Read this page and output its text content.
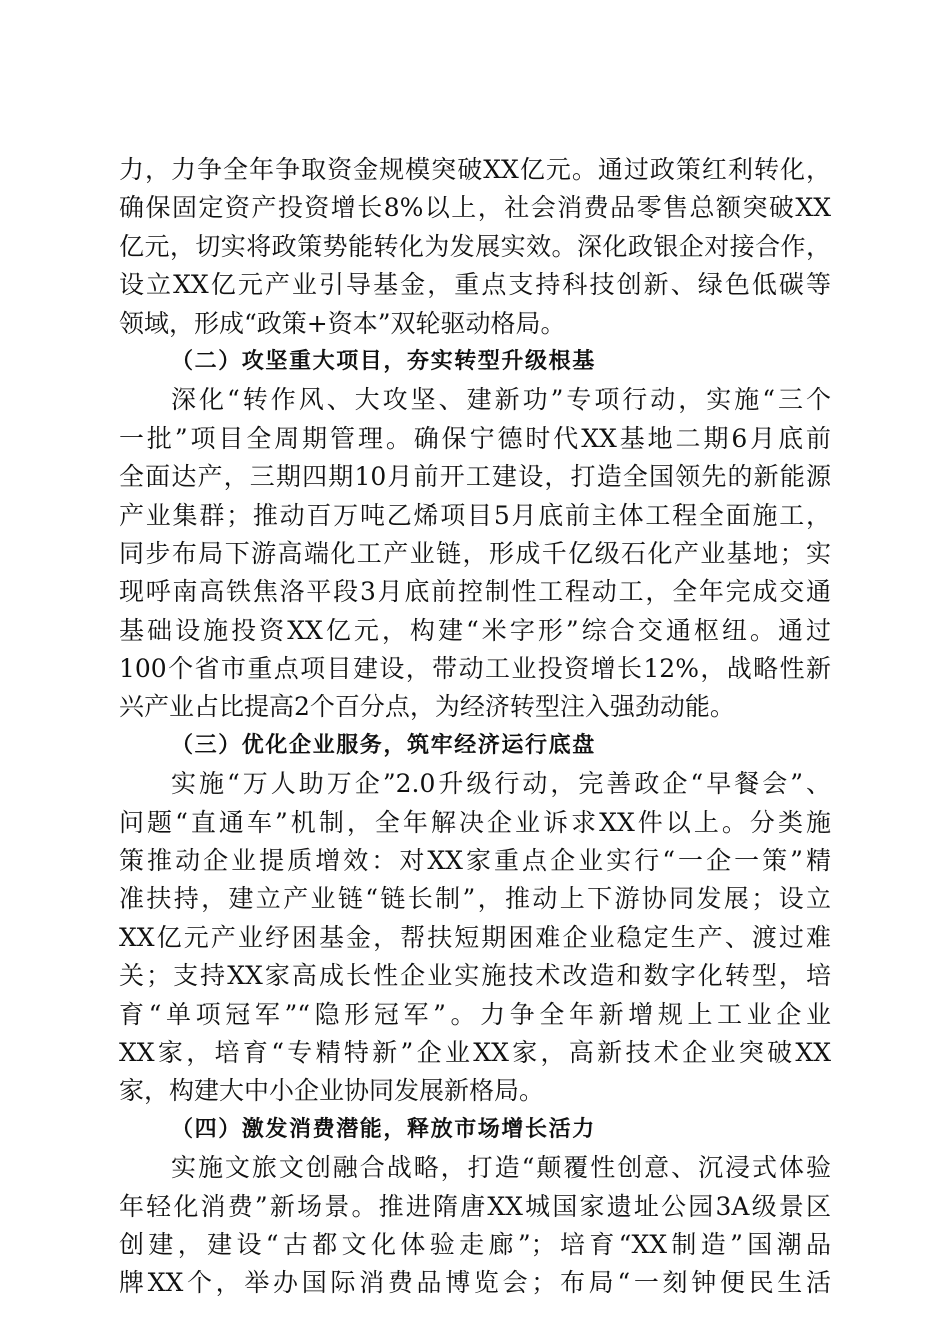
力，力争全年争取资金规模突破XX亿元。通过政策红利转化，
确保固定资产投资增长8%以上，社会消费品零售总额突破XX
亿元，切实将政策势能转化为发展实效。深化政银企对接合作，
设立XX亿元产业引导基金，重点支持科技创新、绿色低碳等
领域，形成“政策+资本”双轮驱动格局。
（二）攻坚重大项目，夯实转型升级根基
深化“转作风、大攻坚、建新功”专项行动，实施“三个
一批”项目全周期管理。确保宁德时代XX基地二期6月底前
全面达产，三期四期10月前开工建设，打造全国领先的新能源
产业集群；推动百万吨乙烯项目5月底前主体工程全面施工，
同步布局下游高端化工产业链，形成千亿级石化产业基地；实
现呼南高铁焦洛平段3月底前控制性工程动工，全年完成交通
基础设施投资XX亿元，构建“米字形”综合交通枢纽。通过
100个省市重点项目建设，带动工业投资增长12%，战略性新
兴产业占比提高2个百分点，为经济转型注入强劲动能。
（三）优化企业服务，筑牢经济运行底盘
实施“万人助万企”2.0升级行动，完善政企“早餐会”、
问题“直通车”机制，全年解决企业诉求XX件以上。分类施
策推动企业提质增效：对XX家重点企业实行“一企一策”精
准扶持，建立产业链“链长制”，推动上下游协同发展；设立
XX亿元产业纾困基金，帮扶短期困难企业稳定生产、渡过难
关；支持XX家高成长性企业实施技术改造和数字化转型，培
育“单项冠军”“隐形冠军”。力争全年新增规上工业企业
XX家，培育“专精特新”企业XX家，高新技术企业突破XX
家，构建大中小企业协同发展新格局。
（四）激发消费潜能，释放市场增长活力
实施文旅文创融合战略，打造“颠覆性创意、沉浸式体验
年轻化消费”新场景。推进隋唐XX城国家遗址公园3A级景区
创建，建设“古都文化体验走廊”；培育“XX制造”国潮品
牌XX个，举办国际消费品博览会；布局“一刻钟便民生活
